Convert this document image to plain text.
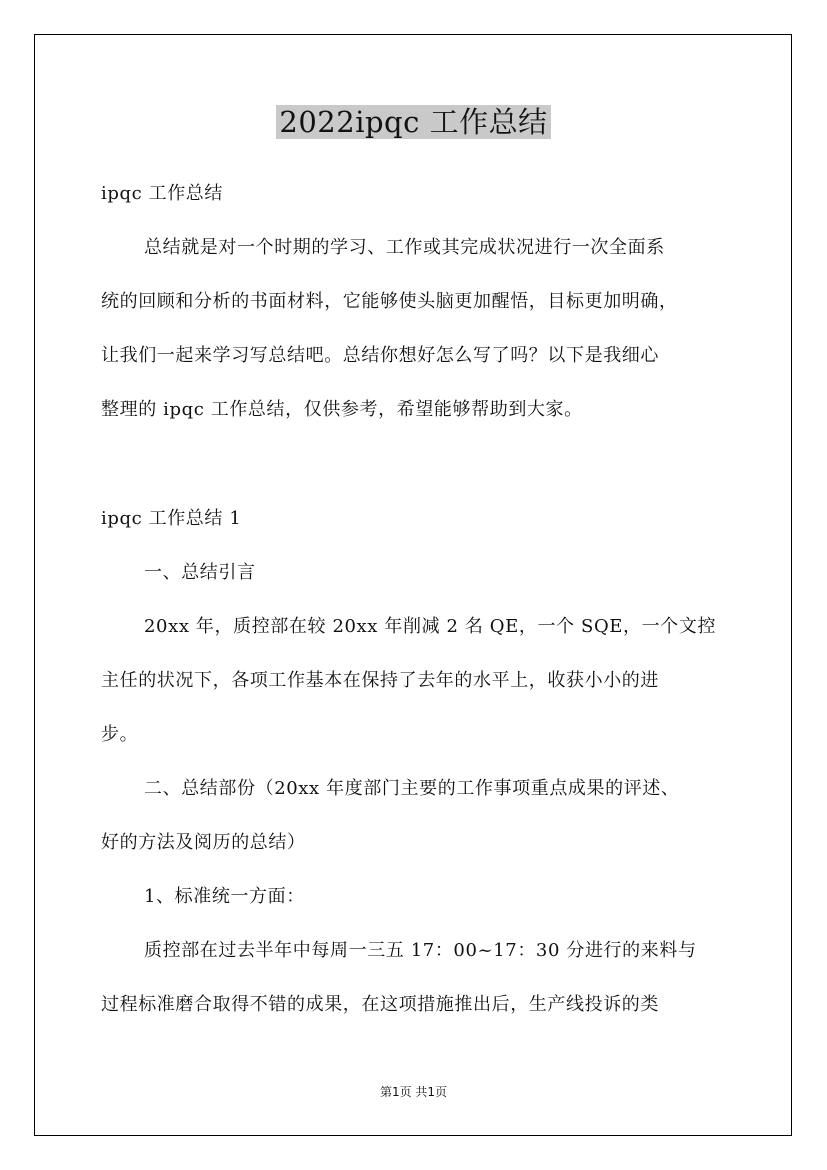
2022ipqc 工作总结
ipqc 工作总结
总结就是对一个时期的学习、工作或其完成状况进行一次全面系
统的回顾和分析的书面材料，它能够使头脑更加醒悟，目标更加明确，
让我们一起来学习写总结吧。总结你想好怎么写了吗？以下是我细心
整理的 ipqc 工作总结，仅供参考，希望能够帮助到大家。
ipqc 工作总结 1
一、总结引言
20xx 年，质控部在较 20xx 年削减 2 名 QE，一个 SQE，一个文控
主任的状况下，各项工作基本在保持了去年的水平上，收获小小的进
步。
二、总结部份（20xx 年度部门主要的工作事项重点成果的评述、
好的方法及阅历的总结）
1、标准统一方面：
质控部在过去半年中每周一三五 17：00~17：30 分进行的来料与
过程标准磨合取得不错的成果，在这项措施推出后，生产线投诉的类
第1页 共1页
